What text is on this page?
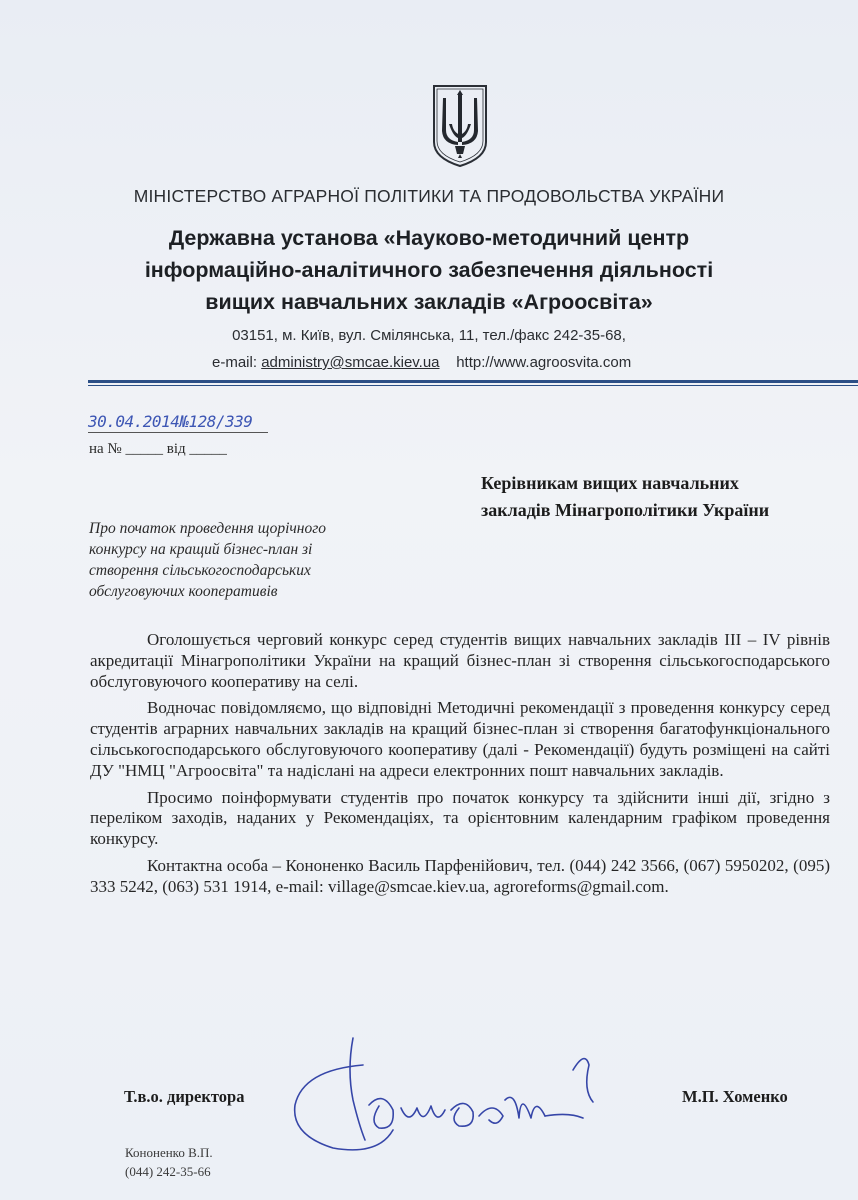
МІНІСТЕРСТВО АГРАРНОЇ ПОЛІТИКИ ТА ПРОДОВОЛЬСТВА УКРАЇНИ
Державна установа «Науково-методичний центр
інформаційно-аналітичного забезпечення діяльності
вищих навчальних закладів «Агроосвіта»
03151, м. Київ, вул. Смілянська, 11, тел./факс 242-35-68,
e-mail: administry@smcae.kiev.ua http://www.agroosvita.com
30.04.2014№128/339
на № _____ від _____
Керівникам вищих навчальних
закладів Мінагрополітики України
Про початок проведення щорічного
конкурсу на кращий бізнес-план зі
створення сільськогосподарських
обслуговуючих кооперативів

Оголошується черговий конкурс серед студентів вищих навчальних закладів ІІІ – IV рівнів акредитації Мінагрополітики України на кращий бізнес-план зі створення сільськогосподарського обслуговуючого кооперативу на селі.

Водночас повідомляємо, що відповідні Методичні рекомендації з проведення конкурсу серед студентів аграрних навчальних закладів на кращий бізнес-план зі створення багатофункціонального сільськогосподарського обслуговуючого кооперативу (далі - Рекомендації) будуть розміщені на сайті ДУ "НМЦ "Агроосвіта" та надіслані на адреси електронних пошт навчальних закладів.

Просимо поінформувати студентів про початок конкурсу та здійснити інші дії, згідно з переліком заходів, наданих у Рекомендаціях, та орієнтовним календарним графіком проведення конкурсу.

Контактна особа – Кононенко Василь Парфенійович, тел. (044) 242 3566, (067) 5950202, (095) 333 5242, (063) 531 1914, e-mail: village@smcae.kiev.ua, agroreforms@gmail.com.

Т.в.о. директора	М.П. Хоменко
Кононенко В.П.
(044) 242-35-66
